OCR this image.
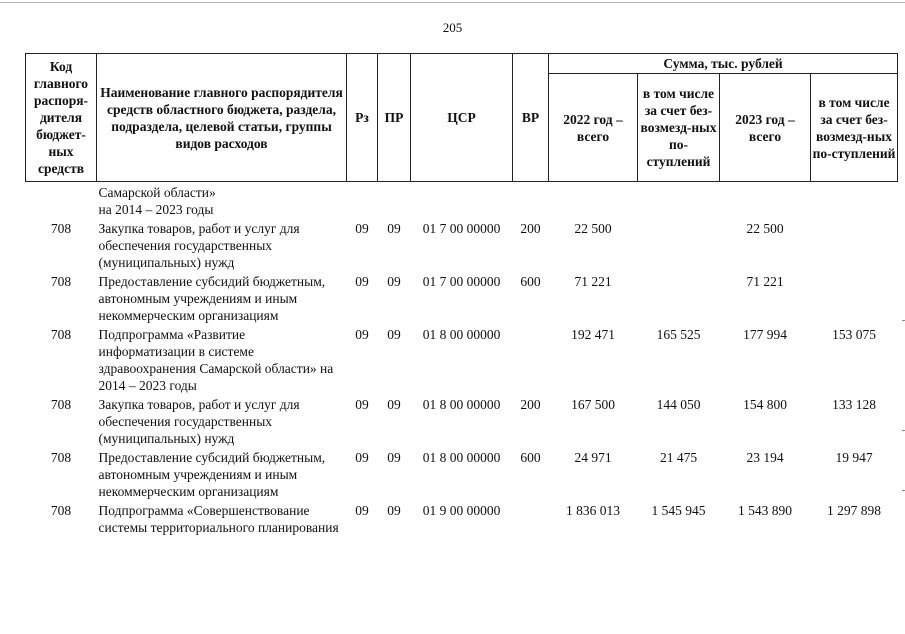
205
Код главного распоря-дителя бюджет-ных средств	Наименование главного распорядителя средств областного бюджета, раздела, подраздела, целевой статьи, группы видов расходов	Рз	ПР	ЦСР	ВР	Сумма, тыс. рублей			
						2022 год – всего	в том числе за счет без-возмезд-ных по-ступлений	2023 год – всего	в том числе за счет без-возмезд-ных по-ступлений
	Самарской области»
на 2014 – 2023 годы								
708	Закупка товаров, работ и услуг для обеспечения государственных (муниципальных) нужд	09	09	01 7 00 00000	200	22 500		22 500	
708	Предоставление субсидий бюджетным, автономным учреждениям и иным некоммерческим организациям	09	09	01 7 00 00000	600	71 221		71 221	
708	Подпрограмма «Развитие информатизации в системе здравоохранения Самарской области» на 2014 – 2023 годы	09	09	01 8 00 00000		192 471	165 525	177 994	153 075
708	Закупка товаров, работ и услуг для обеспечения государственных (муниципальных) нужд	09	09	01 8 00 00000	200	167 500	144 050	154 800	133 128
708	Предоставление субсидий бюджетным, автономным учреждениям и иным некоммерческим организациям	09	09	01 8 00 00000	600	24 971	21 475	23 194	19 947
708	Подпрограмма «Совершенствование системы территориального планирования	09	09	01 9 00 00000		1 836 013	1 545 945	1 543 890	1 297 898
